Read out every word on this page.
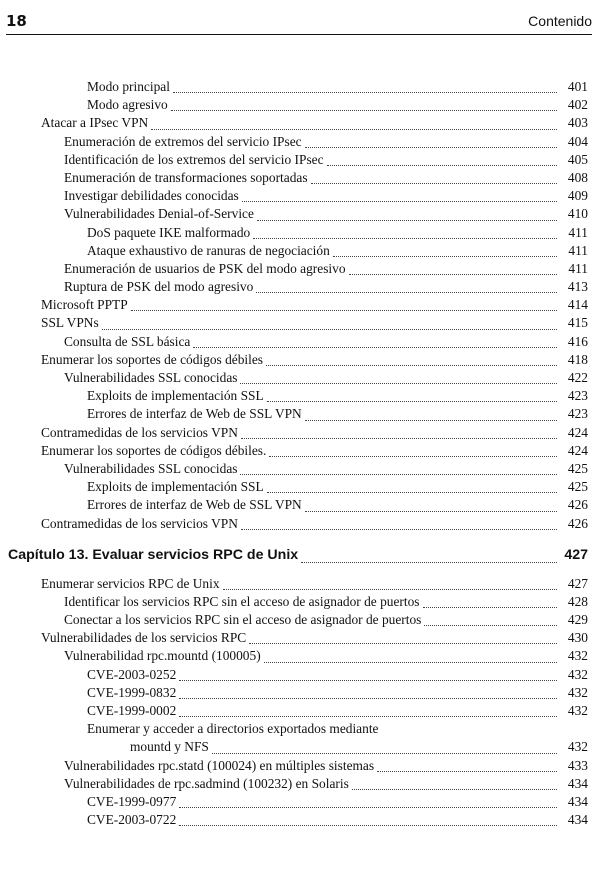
18	Contenido
Modo principal	401
Modo agresivo	402
Atacar a IPsec VPN	403
Enumeración de extremos del servicio IPsec	404
Identificación de los extremos del servicio IPsec	405
Enumeración de transformaciones soportadas	408
Investigar debilidades conocidas	409
Vulnerabilidades Denial-of-Service	410
DoS paquete IKE malformado	411
Ataque exhaustivo de ranuras de negociación	411
Enumeración de usuarios de PSK del modo agresivo	411
Ruptura de PSK del modo agresivo	413
Microsoft PPTP	414
SSL VPNs	415
Consulta de SSL básica	416
Enumerar los soportes de códigos débiles	418
Vulnerabilidades SSL conocidas	422
Exploits de implementación SSL	423
Errores de interfaz de Web de SSL VPN	423
Contramedidas de los servicios VPN	424
Enumerar los soportes de códigos débiles.	424
Vulnerabilidades SSL conocidas	425
Exploits de implementación SSL	425
Errores de interfaz de Web de SSL VPN	426
Contramedidas de los servicios VPN	426
Capítulo 13. Evaluar servicios RPC de Unix	427
Enumerar servicios RPC de Unix	427
Identificar los servicios RPC sin el acceso de asignador de puertos	428
Conectar a los servicios RPC sin el acceso de asignador de puertos	429
Vulnerabilidades de los servicios RPC	430
Vulnerabilidad rpc.mountd (100005)	432
CVE-2003-0252	432
CVE-1999-0832	432
CVE-1999-0002	432
Enumerar y acceder a directorios exportados mediante
mountd y NFS	432
Vulnerabilidades rpc.statd (100024) en múltiples sistemas	433
Vulnerabilidades de rpc.sadmind (100232) en Solaris	434
CVE-1999-0977	434
CVE-2003-0722	434
